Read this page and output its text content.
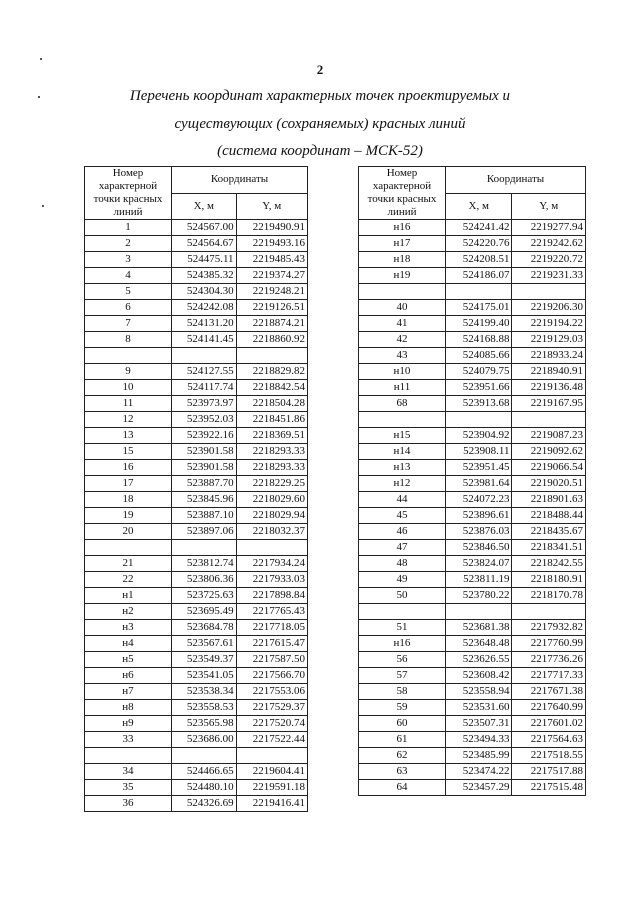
2
Перечень координат характерных точек проектируемых и
существующих (сохраняемых) красных линий
(система координат – МСК-52)
Номер характерной точки красных линий	Координаты	
	X, м	Y, м
1	524567.00	2219490.91
2	524564.67	2219493.16
3	524475.11	2219485.43
4	524385.32	2219374.27
5	524304.30	2219248.21
6	524242.08	2219126.51
7	524131.20	2218874.21
8	524141.45	2218860.92

9	524127.55	2218829.82
10	524117.74	2218842.54
11	523973.97	2218504.28
12	523952.03	2218451.86
13	523922.16	2218369.51
15	523901.58	2218293.33
16	523901.58	2218293.33
17	523887.70	2218229.25
18	523845.96	2218029.60
19	523887.10	2218029.94
20	523897.06	2218032.37

21	523812.74	2217934.24
22	523806.36	2217933.03
н1	523725.63	2217898.84
н2	523695.49	2217765.43
н3	523684.78	2217718.05
н4	523567.61	2217615.47
н5	523549.37	2217587.50
н6	523541.05	2217566.70
н7	523538.34	2217553.06
н8	523558.53	2217529.37
н9	523565.98	2217520.74
33	523686.00	2217522.44

34	524466.65	2219604.41
35	524480.10	2219591.18
36	524326.69	2219416.41
Номер характерной точки красных линий	Координаты	
	X, м	Y, м
н16	524241.42	2219277.94
н17	524220.76	2219242.62
н18	524208.51	2219220.72
н19	524186.07	2219231.33

40	524175.01	2219206.30
41	524199.40	2219194.22
42	524168.88	2219129.03
43	524085.66	2218933.24
н10	524079.75	2218940.91
н11	523951.66	2219136.48
68	523913.68	2219167.95

н15	523904.92	2219087.23
н14	523908.11	2219092.62
н13	523951.45	2219066.54
н12	523981.64	2219020.51
44	524072.23	2218901.63
45	523896.61	2218488.44
46	523876.03	2218435.67
47	523846.50	2218341.51
48	523824.07	2218242.55
49	523811.19	2218180.91
50	523780.22	2218170.78

51	523681.38	2217932.82
н16	523648.48	2217760.99
56	523626.55	2217736.26
57	523608.42	2217717.33
58	523558.94	2217671.38
59	523531.60	2217640.99
60	523507.31	2217601.02
61	523494.33	2217564.63
62	523485.99	2217518.55
63	523474.22	2217517.88
64	523457.29	2217515.48
